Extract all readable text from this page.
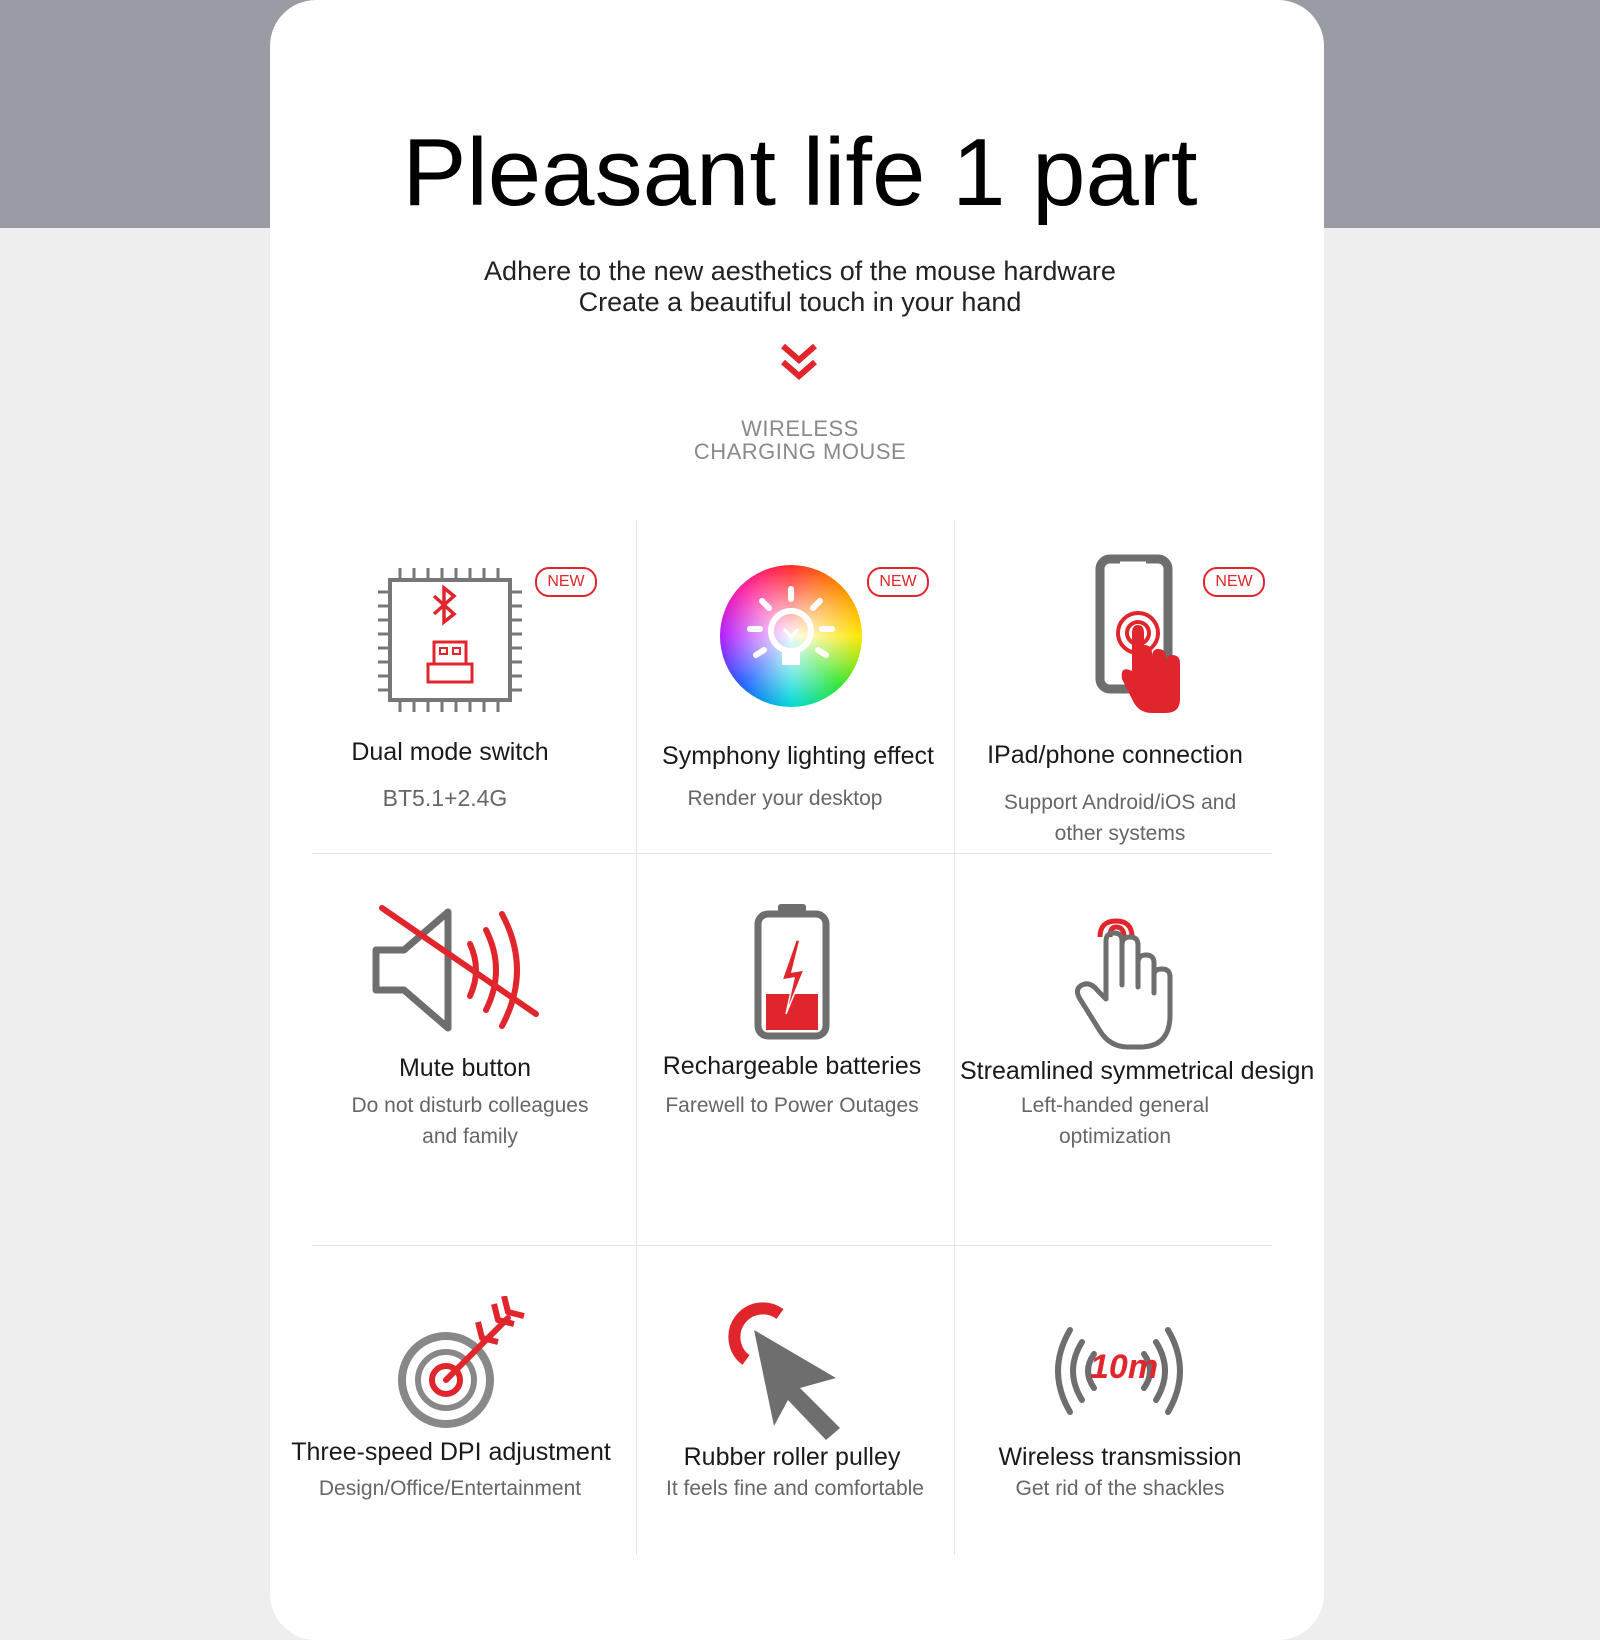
Pleasant life 1 part
Adhere to the new aesthetics of the mouse hardware
Create a beautiful touch in your hand
WIRELESS
CHARGING MOUSE
NEW
Dual mode switch
BT5.1+2.4G
NEW
Symphony lighting effect
Render your desktop
NEW
IPad/phone connection
Support Android/iOS and other systems
Mute button
Do not disturb colleagues and family
Rechargeable batteries
Farewell to Power Outages
Streamlined symmetrical design
Left-handed general optimization
Three-speed DPI adjustment
Design/Office/Entertainment
Rubber roller pulley
It feels fine and comfortable
10m
Wireless transmission
Get rid of the shackles
